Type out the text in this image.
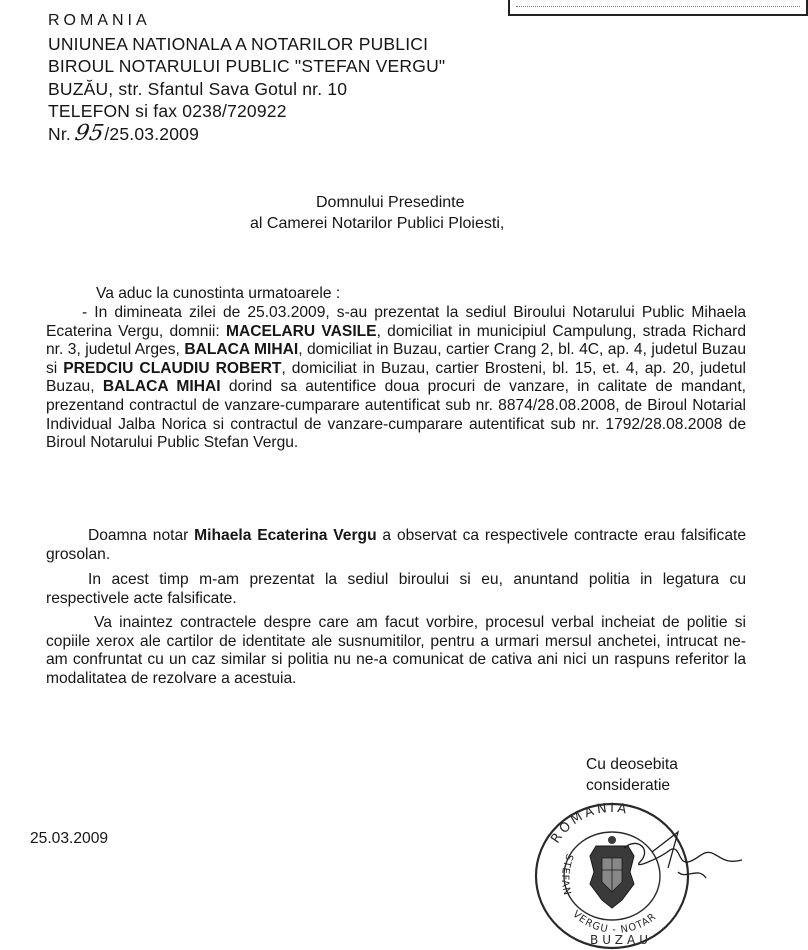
ROMANIA
UNIUNEA NATIONALA A NOTARILOR PUBLICI
BIROUL NOTARULUI PUBLIC "STEFAN VERGU"
BUZĂU, str. Sfantul Sava Gotul nr. 10
TELEFON si fax 0238/720922
Nr.95/25.03.2009
Domnului Presedinte
al Camerei Notarilor Publici Ploiesti,
Va aduc la cunostinta urmatoarele :
- In dimineata zilei de 25.03.2009, s-au prezentat la sediul Biroului Notarului Public Mihaela Ecaterina Vergu, domnii: MACELARU VASILE, domiciliat in municipiul Campulung, strada Richard nr. 3, judetul Arges, BALACA MIHAI, domiciliat in Buzau, cartier Crang 2, bl. 4C, ap. 4, judetul Buzau si PREDCIU CLAUDIU ROBERT, domiciliat in Buzau, cartier Brosteni, bl. 15, et. 4, ap. 20, judetul Buzau, BALACA MIHAI dorind sa autentifice doua procuri de vanzare, in calitate de mandant, prezentand contractul de vanzare-cumparare autentificat sub nr. 8874/28.08.2008, de Biroul Notarial Individual Jalba Norica si contractul de vanzare-cumparare autentificat sub nr. 1792/28.08.2008 de Biroul Notarului Public Stefan Vergu.
Doamna notar Mihaela Ecaterina Vergu a observat ca respectivele contracte erau falsificate grosolan.
In acest timp m-am prezentat la sediul biroului si eu, anuntand politia in legatura cu respectivele acte falsificate.
Va inaintez contractele despre care am facut vorbire, procesul verbal incheiat de politie si copiile xerox ale cartilor de identitate ale susnumitilor, pentru a urmari mersul anchetei, intrucat ne-am confruntat cu un caz similar si politia nu ne-a comunicat de cativa ani nici un raspuns referitor la modalitatea de rezolvare a acestuia.
Cu deosebita
consideratie
25.03.2009	ROMANIA
STEFAN
VERGU - NOTAR
BUZAU
